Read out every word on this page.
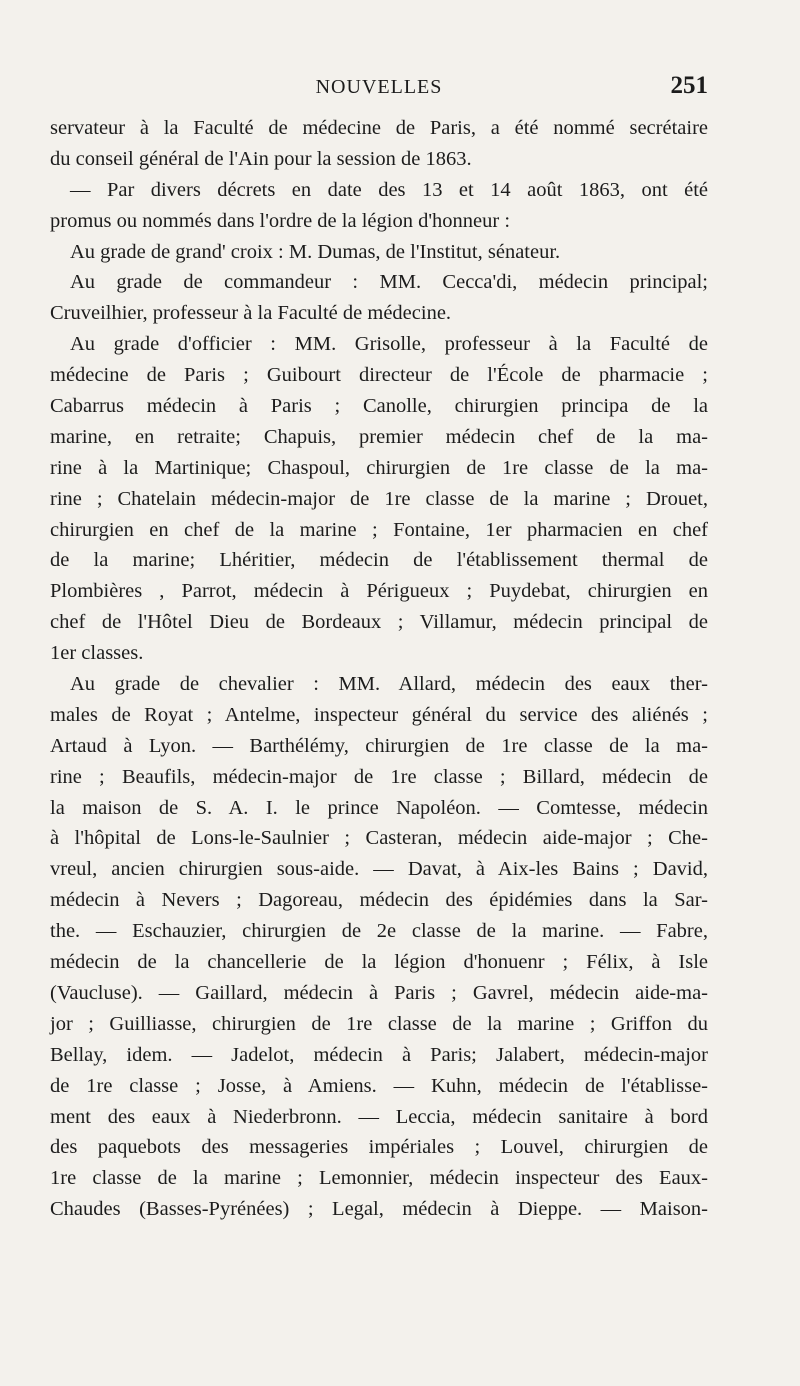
NOUVELLES	251
servateur à la Faculté de médecine de Paris, a été nommé secrétaire
du conseil général de l'Ain pour la session de 1863.
— Par divers décrets en date des 13 et 14 août 1863, ont été
promus ou nommés dans l'ordre de la légion d'honneur :
Au grade de grand' croix : M. Dumas, de l'Institut, sénateur.
Au grade de commandeur : MM. Cecca'di, médecin principal;
Cruveilhier, professeur à la Faculté de médecine.
Au grade d'officier : MM. Grisolle, professeur à la Faculté de
médecine de Paris ; Guibourt directeur de l'École de pharmacie ;
Cabarrus médecin à Paris ; Canolle, chirurgien principa de la
marine, en retraite; Chapuis, premier médecin chef de la ma-
rine à la Martinique; Chaspoul, chirurgien de 1re classe de la ma-
rine ; Chatelain médecin-major de 1re classe de la marine ; Drouet,
chirurgien en chef de la marine ; Fontaine, 1er pharmacien en chef
de la marine; Lhéritier, médecin de l'établissement thermal de
Plombières , Parrot, médecin à Périgueux ; Puydebat, chirurgien en
chef de l'Hôtel Dieu de Bordeaux ; Villamur, médecin principal de
1er classes.
Au grade de chevalier : MM. Allard, médecin des eaux ther-
males de Royat ; Antelme, inspecteur général du service des aliénés ;
Artaud à Lyon. — Barthélémy, chirurgien de 1re classe de la ma-
rine ; Beaufils, médecin-major de 1re classe ; Billard, médecin de
la maison de S. A. I. le prince Napoléon. — Comtesse, médecin
à l'hôpital de Lons-le-Saulnier ; Casteran, médecin aide-major ; Che-
vreul, ancien chirurgien sous-aide. — Davat, à Aix-les Bains ; David,
médecin à Nevers ; Dagoreau, médecin des épidémies dans la Sar-
the. — Eschauzier, chirurgien de 2e classe de la marine. — Fabre,
médecin de la chancellerie de la légion d'honuenr ; Félix, à Isle
(Vaucluse). — Gaillard, médecin à Paris ; Gavrel, médecin aide-ma-
jor ; Guilliasse, chirurgien de 1re classe de la marine ; Griffon du
Bellay, idem. — Jadelot, médecin à Paris; Jalabert, médecin-major
de 1re classe ; Josse, à Amiens. — Kuhn, médecin de l'établisse-
ment des eaux à Niederbronn. — Leccia, médecin sanitaire à bord
des paquebots des messageries impériales ; Louvel, chirurgien de
1re classe de la marine ; Lemonnier, médecin inspecteur des Eaux-
Chaudes (Basses-Pyrénées) ; Legal, médecin à Dieppe. — Maison-
